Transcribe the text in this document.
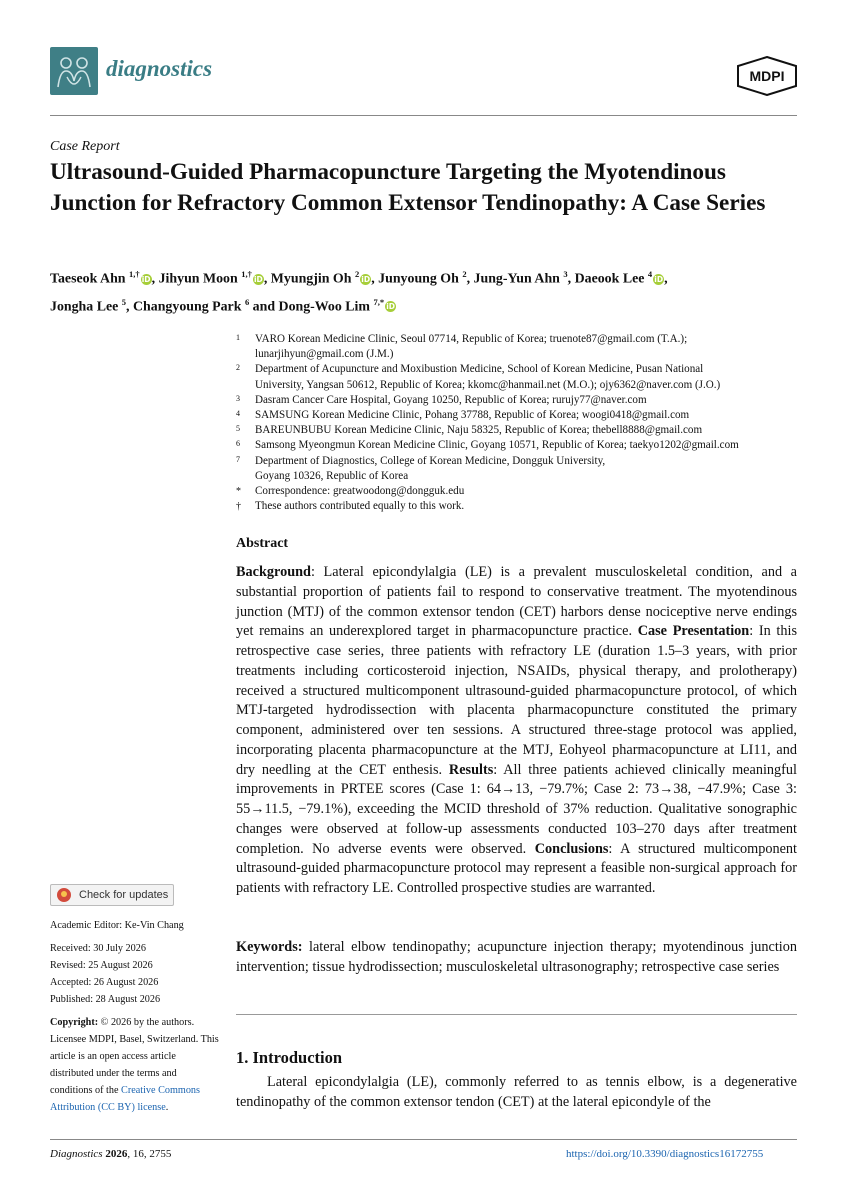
diagnostics	MDPI
Case Report
Ultrasound-Guided Pharmacopuncture Targeting the Myotendinous Junction for Refractory Common Extensor Tendinopathy: A Case Series
Taeseok Ahn $^{1,\dagger}$iD, Jihyun Moon $^{1,\dagger}$iD, Myungjin Oh $^2$iD, Junyoung Oh $^2$, Jung-Yun Ahn $^3$, Daeook Lee $^4$iD,
Jongha Lee $^5$, Changyoung Park $^6$ and Dong-Woo Lim $^{7,*}$iD
1 VARO Korean Medicine Clinic, Seoul 07714, Republic of Korea; truenote87@gmail.com (T.A.);
lunarjihyun@gmail.com (J.M.)
2 Department of Acupuncture and Moxibustion Medicine, School of Korean Medicine, Pusan National
University, Yangsan 50612, Republic of Korea; kkomc@hanmail.net (M.O.); ojy6362@naver.com (J.O.)
3 Dasram Cancer Care Hospital, Goyang 10250, Republic of Korea; rurujy77@naver.com
4 SAMSUNG Korean Medicine Clinic, Pohang 37788, Republic of Korea; woogi0418@gmail.com
5 BAREUNBUBU Korean Medicine Clinic, Naju 58325, Republic of Korea; thebell8888@gmail.com
6 Samsong Myeongmun Korean Medicine Clinic, Goyang 10571, Republic of Korea; taekyo1202@gmail.com
7 Department of Diagnostics, College of Korean Medicine, Dongguk University,
Goyang 10326, Republic of Korea
* Correspondence: greatwoodong@dongguk.edu
† These authors contributed equally to this work.
Abstract
Background: Lateral epicondylalgia (LE) is a prevalent musculoskeletal condition, and a substantial proportion of patients fail to respond to conservative treatment. The myotendinous junction (MTJ) of the common extensor tendon (CET) harbors dense nociceptive nerve endings yet remains an underexplored target in pharmacopuncture practice. Case Presentation: In this retrospective case series, three patients with refractory LE (duration 1.5–3 years, with prior treatments including corticosteroid injection, NSAIDs, physical therapy, and prolotherapy) received a structured multicomponent ultrasound-guided pharmacopuncture protocol, of which MTJ-targeted hydrodissection with placenta pharmacopuncture constituted the primary component, administered over ten sessions. A structured three-stage protocol was applied, incorporating placenta pharmacopuncture at the MTJ, Eohyeol pharmacopuncture at LI11, and dry needling at the CET enthesis. Results: All three patients achieved clinically meaningful improvements in PRTEE scores (Case 1: 64→13, −79.7%; Case 2: 73→38, −47.9%; Case 3: 55→11.5, −79.1%), exceeding the MCID threshold of 37% reduction. Qualitative sonographic changes were observed at follow-up assessments conducted 103–270 days after treatment completion. No adverse events were observed. Conclusions: A structured multicomponent ultrasound-guided pharmacopuncture protocol may represent a feasible non-surgical approach for patients with refractory LE. Controlled prospective studies are warranted.
Keywords: lateral elbow tendinopathy; acupuncture injection therapy; myotendinous junction intervention; tissue hydrodissection; musculoskeletal ultrasonography; retrospective case series
1. Introduction
Lateral epicondylalgia (LE), commonly referred to as tennis elbow, is a degenerative tendinopathy of the common extensor tendon (CET) at the lateral epicondyle of the
Check for updates
Academic Editor: Ke-Vin Chang
Received: 30 July 2026
Revised: 25 August 2026
Accepted: 26 August 2026
Published: 28 August 2026
Copyright: © 2026 by the authors. Licensee MDPI, Basel, Switzerland. This article is an open access article distributed under the terms and conditions of the Creative Commons Attribution (CC BY) license.
Diagnostics 2026, 16, 2755	https://doi.org/10.3390/diagnostics16172755
